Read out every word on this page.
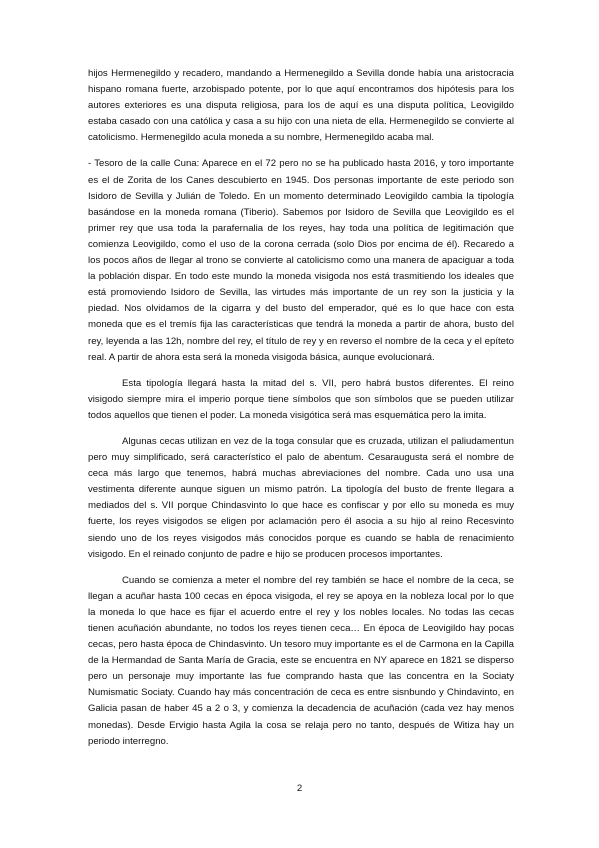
hijos Hermenegildo y recadero, mandando a Hermenegildo a Sevilla donde había una aristocracia hispano romana fuerte, arzobispado potente, por lo que aquí encontramos dos hipótesis para los autores exteriores es una disputa religiosa, para los de aquí es una disputa política, Leovigildo estaba casado con una católica y casa a su hijo con una nieta de ella. Hermenegildo se convierte al catolicismo. Hermenegildo acula moneda a su nombre, Hermenegildo acaba mal.

- Tesoro de la calle Cuna: Aparece en el 72 pero no se ha publicado hasta 2016, y toro importante es el de Zorita de los Canes descubierto en 1945. Dos personas importante de este periodo son Isidoro de Sevilla y Julián de Toledo. En un momento determinado Leovigildo cambia la tipología basándose en la moneda romana (Tiberio). Sabemos por Isidoro de Sevilla que Leovigildo es el primer rey que usa toda la parafernalia de los reyes, hay toda una política de legitimación que comienza Leovigildo, como el uso de la corona cerrada (solo Dios por encima de él). Recaredo a los pocos años de llegar al trono se convierte al catolicismo como una manera de apaciguar a toda la población dispar. En todo este mundo la moneda visigoda nos está trasmitiendo los ideales que está promoviendo Isidoro de Sevilla, las virtudes más importante de un rey son la justicia y la piedad. Nos olvidamos de la cigarra y del busto del emperador, qué es lo que hace con esta moneda que es el tremís fija las características que tendrá la moneda a partir de ahora, busto del rey, leyenda a las 12h, nombre del rey, el título de rey y en reverso el nombre de la ceca y el epíteto real. A partir de ahora esta será la moneda visigoda básica, aunque evolucionará.

Esta tipología llegará hasta la mitad del s. VII, pero habrá bustos diferentes. El reino visigodo siempre mira el imperio porque tiene símbolos que son símbolos que se pueden utilizar todos aquellos que tienen el poder. La moneda visigótica será mas esquemática pero la imita.

Algunas cecas utilizan en vez de la toga consular que es cruzada, utilizan el paliudamentun pero muy simplificado, será característico el palo de abentum. Cesaraugusta será el nombre de ceca más largo que tenemos, habrá muchas abreviaciones del nombre. Cada uno usa una vestimenta diferente aunque siguen un mismo patrón. La tipología del busto de frente llegara a mediados del s. VII porque Chindasvinto lo que hace es confiscar y por ello su moneda es muy fuerte, los reyes visigodos se eligen por aclamación pero él asocia a su hijo al reino Recesvinto siendo uno de los reyes visigodos más conocidos porque es cuando se habla de renacimiento visigodo. En el reinado conjunto de padre e hijo se producen procesos importantes.

Cuando se comienza a meter el nombre del rey también se hace el nombre de la ceca, se llegan a acuñar hasta 100 cecas en época visigoda, el rey se apoya en la nobleza local por lo que la moneda lo que hace es fijar el acuerdo entre el rey y los nobles locales. No todas las cecas tienen acuñación abundante, no todos los reyes tienen ceca… En época de Leovigildo hay pocas cecas, pero hasta época de Chindasvinto. Un tesoro muy importante es el de Carmona en la Capilla de la Hermandad de Santa María de Gracia, este se encuentra en NY aparece en 1821 se disperso pero un personaje muy importante las fue comprando hasta que las concentra en la Sociaty Numismatic Sociaty. Cuando hay más concentración de ceca es entre sisnbundo y Chindavinto, en Galicia pasan de haber 45 a 2 o 3, y comienza la decadencia de acuñación (cada vez hay menos monedas). Desde Ervigio hasta Agila la cosa se relaja pero no tanto, después de Witiza hay un periodo interregno.

2
